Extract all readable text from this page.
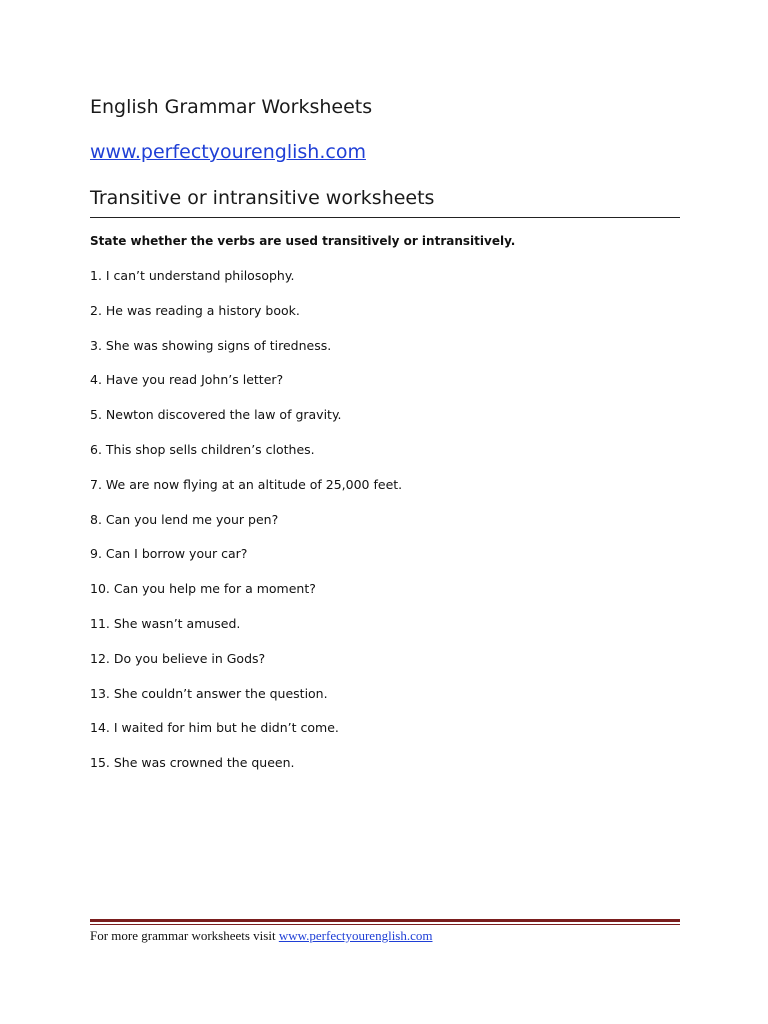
English Grammar Worksheets
www.perfectyourenglish.com
Transitive or intransitive worksheets
State whether the verbs are used transitively or intransitively.
1. I can’t understand philosophy.
2. He was reading a history book.
3. She was showing signs of tiredness.
4. Have you read John’s letter?
5. Newton discovered the law of gravity.
6. This shop sells children’s clothes.
7. We are now flying at an altitude of 25,000 feet.
8. Can you lend me your pen?
9. Can I borrow your car?
10. Can you help me for a moment?
11. She wasn’t amused.
12. Do you believe in Gods?
13. She couldn’t answer the question.
14. I waited for him but he didn’t come.
15. She was crowned the queen.
For more grammar worksheets visit www.perfectyourenglish.com
